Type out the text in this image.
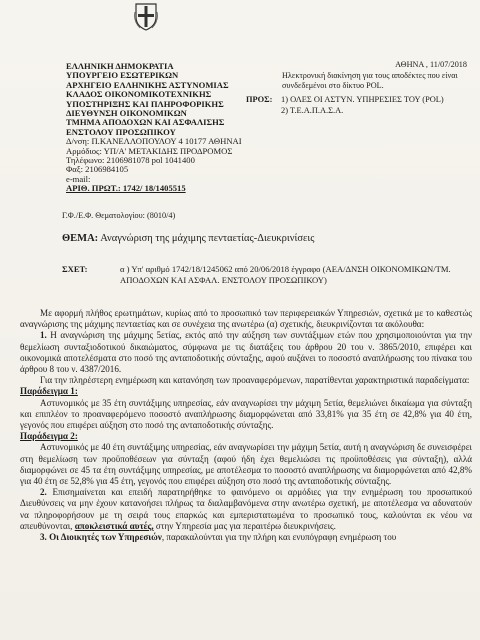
ΕΛΛΗΝΙΚΗ ΔΗΜΟΚΡΑΤΙΑ
ΥΠΟΥΡΓΕΙΟ ΕΣΩΤΕΡΙΚΩΝ
ΑΡΧΗΓΕΙΟ ΕΛΛΗΝΙΚΗΣ ΑΣΤΥΝΟΜΙΑΣ
ΚΛΑΔΟΣ ΟΙΚΟΝΟΜΙΚΟΤΕΧΝΙΚΗΣ
ΥΠΟΣΤΗΡΙΞΗΣ ΚΑΙ ΠΛΗΡΟΦΟΡΙΚΗΣ
ΔΙΕΥΘΥΝΣΗ ΟΙΚΟΝΟΜΙΚΩΝ
ΤΜΗΜΑ ΑΠΟΔΟΧΩΝ ΚΑΙ ΑΣΦΑΛΙΣΗΣ
ΕΝΣΤΟΛΟΥ ΠΡΟΣΩΠΙΚΟΥ
Δ/νση: Π.ΚΑΝΕΛΛΟΠΟΥΛΟΥ 4 10177 ΑΘΗΝΑΙ
Αρμόδιος: ΥΠ/Α' ΜΕΤΑΚΙΔΗΣ ΠΡΟΔΡΟΜΟΣ
Τηλέφωνο: 2106981078 pol 1041400
Φαξ: 2106984105
e-mail:
ΑΡΙΘ. ΠΡΩΤ.: 1742/ 18/1405515
ΑΘΗΝΑ , 11/07/2018
Ηλεκτρονική διακίνηση για τους αποδέκτες που είναι συνδεδεμένοι στο δίκτυο POL.
ΠΡΟΣ: 1) ΟΛΕΣ ΟΙ ΑΣΤΥΝ. ΥΠΗΡΕΣΙΕΣ ΤΟΥ (POL)
2) Τ.Ε.Α.Π.Α.Σ.Α.
Γ.Φ./Ε.Φ. Θεματολογίου: (8010/4)
ΘΕΜΑ: Αναγνώριση της μάχιμης πενταετίας-Διευκρινίσεις
ΣΧΕΤ:	α ) Υπ' αριθμό 1742/18/1245062 από 20/06/2018 έγγραφο (ΑΕΑ/ΔΝΣΗ ΟΙΚΟΝΟΜΙΚΩΝ/ΤΜ. ΑΠΟΔΟΧΩΝ ΚΑΙ ΑΣΦΑΛ. ΕΝΣΤΟΛΟΥ ΠΡΟΣΩΠΙΚΟΥ)

Με αφορμή πλήθος ερωτημάτων, κυρίως από το προσωπικό των περιφερειακών Υπηρεσιών, σχετικά με το καθεστώς αναγνώρισης της μάχιμης πενταετίας και σε συνέχεια της ανωτέρω (α) σχετικής, διευκρινίζονται τα ακόλουθα:

1. Η αναγνώριση της μάχιμης 5ετίας, εκτός από την αύξηση των συντάξιμων ετών που χρησιμοποιούνται για την θεμελίωση συνταξιοδοτικού δικαιώματος, σύμφωνα με τις διατάξεις του άρθρου 20 του ν. 3865/2010, επιφέρει και οικονομικά αποτελέσματα στο ποσό της ανταποδοτικής σύνταξης, αφού αυξάνει το ποσοστό αναπλήρωσης του πίνακα του άρθρου 8 του ν. 4387/2016.

Για την πληρέστερη ενημέρωση και κατανόηση των προαναφερόμενων, παρατίθενται χαρακτηριστικά παραδείγματα:

Παράδειγμα 1:

Αστυνομικός με 35 έτη συντάξιμης υπηρεσίας, εάν αναγνωρίσει την μάχιμη 5ετία, θεμελιώνει δικαίωμα για σύνταξη και επιπλέον το προαναφερόμενο ποσοστό αναπλήρωσης διαμορφώνεται από 33,81% για 35 έτη σε 42,8% για 40 έτη, γεγονός που επιφέρει αύξηση στο ποσό της ανταποδοτικής σύνταξης.

Παράδειγμα 2:

Αστυνομικός με 40 έτη συντάξιμης υπηρεσίας, εάν αναγνωρίσει την μάχιμη 5ετία, αυτή η αναγνώριση δε συνεισφέρει στη θεμελίωση των προϋποθέσεων για σύνταξη (αφού ήδη έχει θεμελιώσει τις προϋποθέσεις για σύνταξη), αλλά διαμορφώνει σε 45 τα έτη συντάξιμης υπηρεσίας, με αποτέλεσμα το ποσοστό αναπλήρωσης να διαμορφώνεται από 42,8% για 40 έτη σε 52,8% για 45 έτη, γεγονός που επιφέρει αύξηση στο ποσό της ανταποδοτικής σύνταξης.

2. Επισημαίνεται και επειδή παρατηρήθηκε το φαινόμενο οι αρμόδιες για την ενημέρωση του προσωπικού Διευθύνσεις να μην έχουν κατανοήσει πλήρως τα διαλαμβανόμενα στην ανωτέρω σχετική, με αποτέλεσμα να αδυνατούν να πληροφορήσουν με τη σειρά τους επαρκώς και εμπεριστατωμένα το προσωπικό τους, καλούνται εκ νέου να απευθύνονται, αποκλειστικά αυτές, στην Υπηρεσία μας για περαιτέρω διευκρινήσεις.

3. Οι Διοικητές των Υπηρεσιών, παρακαλούνται για την πλήρη και ενυπόγραφη ενημέρωση του
